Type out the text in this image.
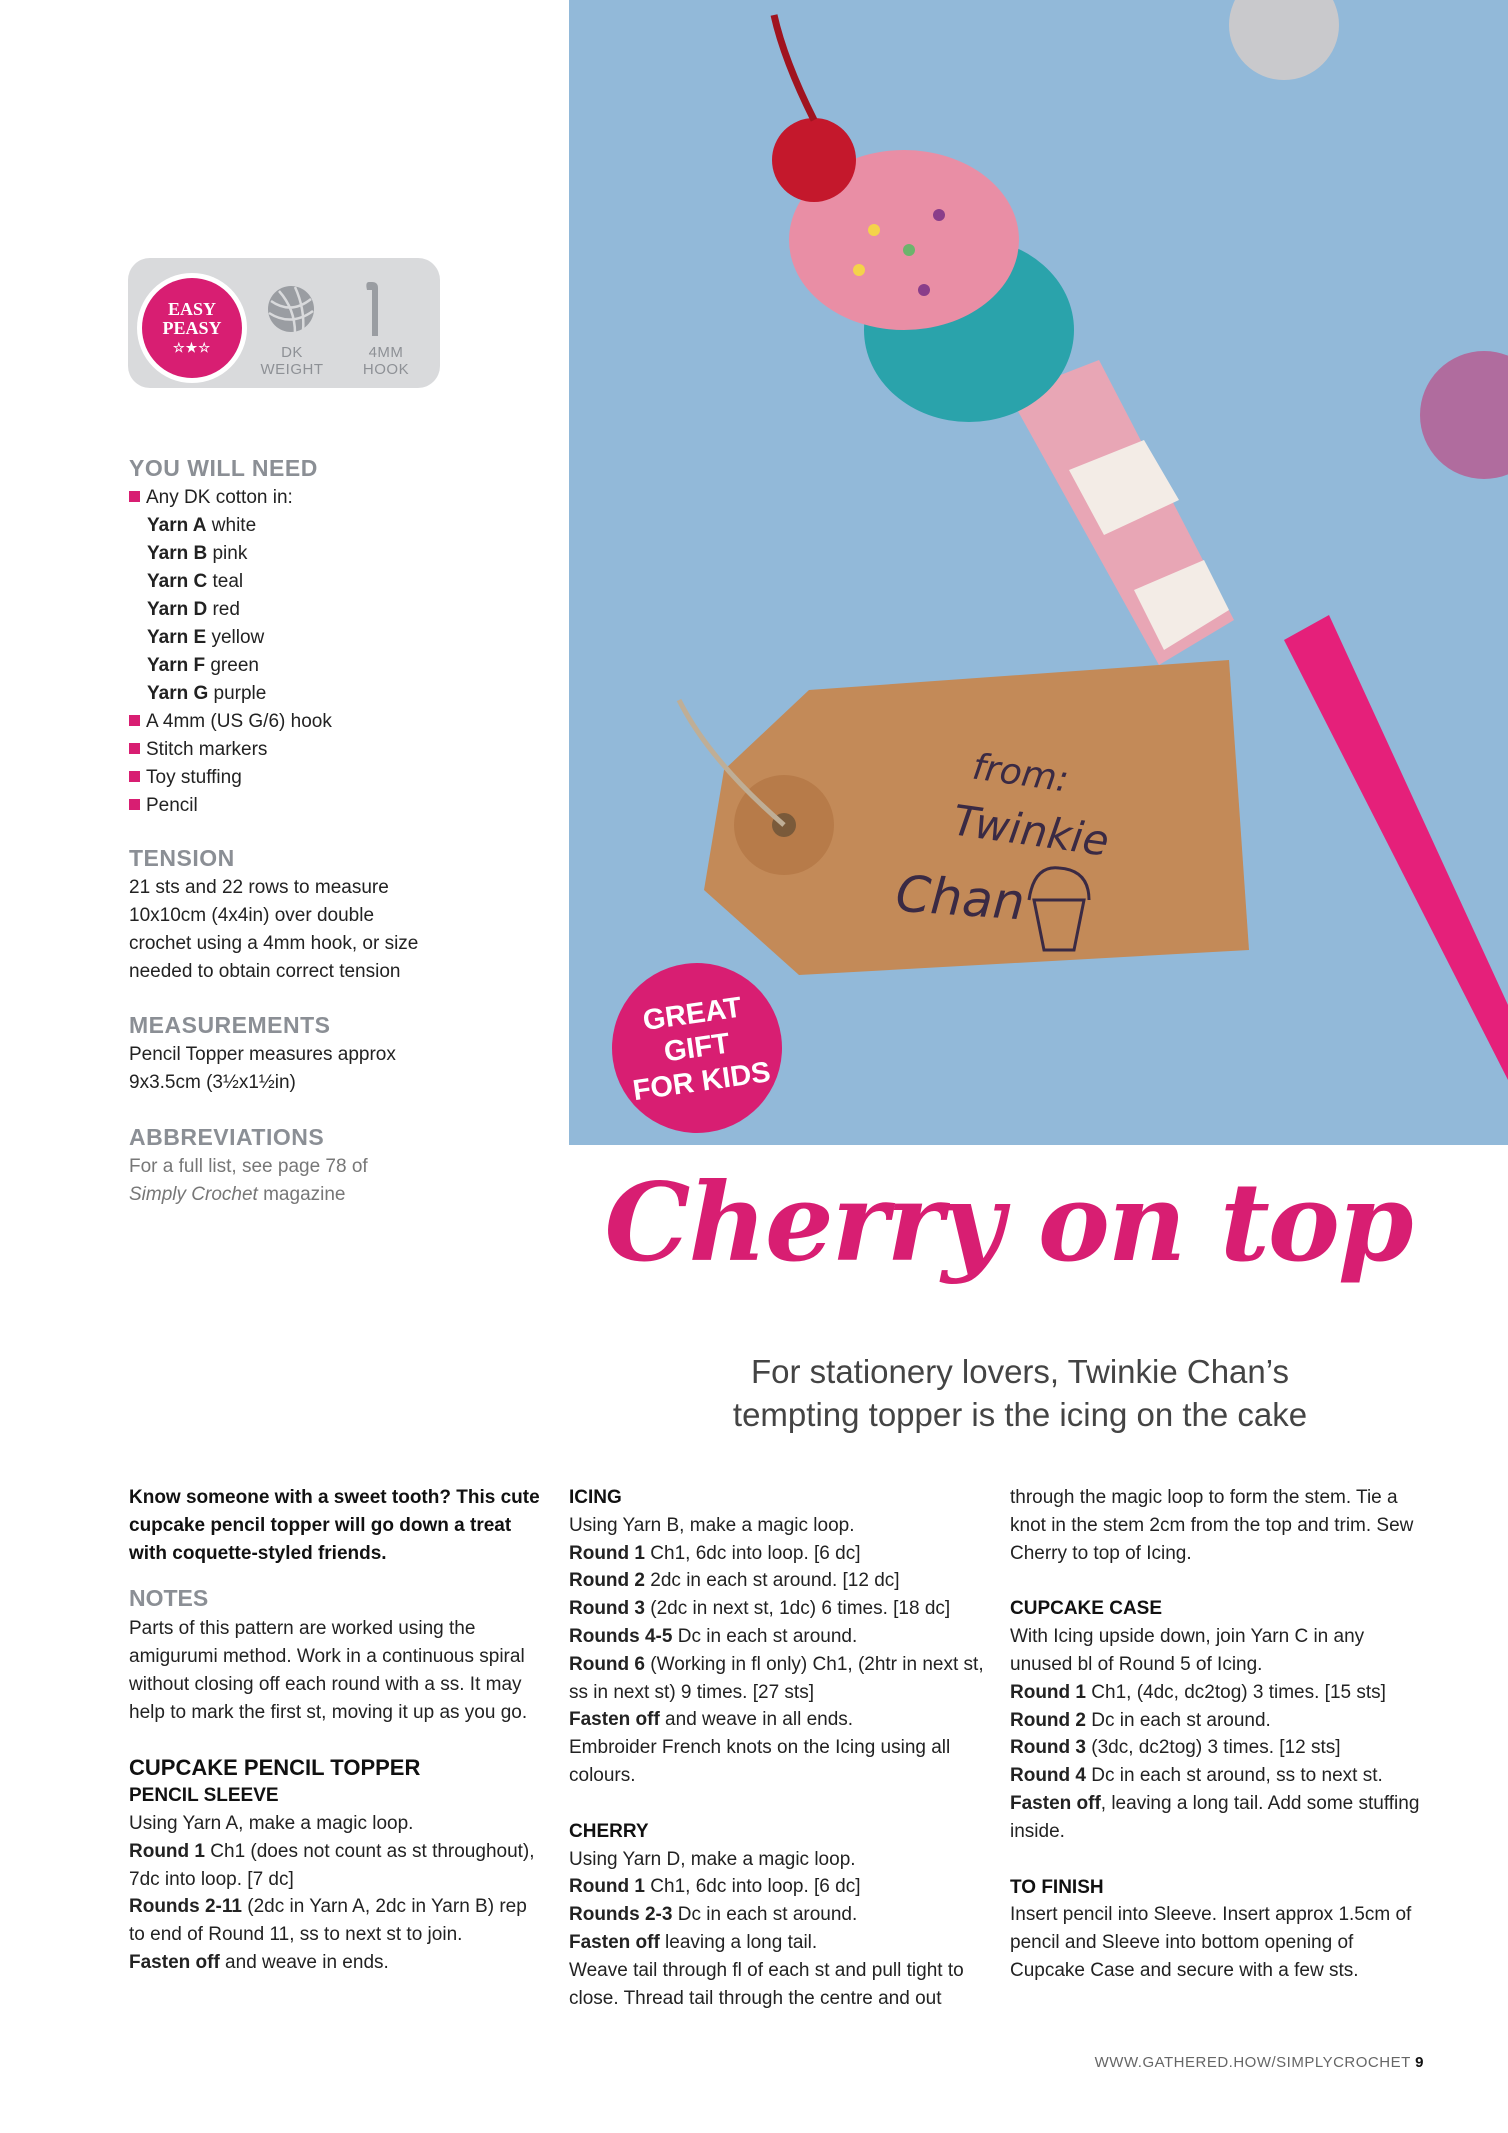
from:
Twinkie
Chan
GREAT GIFT
FOR KIDS
EASY
PEASY
☆★☆	DK
WEIGHT
4MM
HOOK
YOU WILL NEED
Any DK cotton in:
Yarn A white
Yarn B pink
Yarn C teal
Yarn D red
Yarn E yellow
Yarn F green
Yarn G purple
A 4mm (US G/6) hook
Stitch markers
Toy stuffing
Pencil
TENSION
21 sts and 22 rows to measure
10x10cm (4x4in) over double
crochet using a 4mm hook, or size
needed to obtain correct tension
MEASUREMENTS
Pencil Topper measures approx
9x3.5cm (3½x1½in)
ABBREVIATIONS
For a full list, see page 78 of
Simply Crochet magazine Cherry on top
For stationery lovers, Twinkie Chan’s
tempting topper is the icing on the cake

Know someone with a sweet tooth? This cute cupcake pencil topper will go down a treat with coquette-styled friends.

NOTES

Parts of this pattern are worked using the amigurumi method. Work in a continuous spiral without closing off each round with a ss. It may help to mark the first st, moving it up as you go.

CUPCAKE PENCIL TOPPER

PENCIL SLEEVE

Using Yarn A, make a magic loop.

Round 1 Ch1 (does not count as st throughout), 7dc into loop. [7 dc]

Rounds 2-11 (2dc in Yarn A, 2dc in Yarn B) rep to end of Round 11, ss to next st to join.

Fasten off and weave in ends.

ICING

Using Yarn B, make a magic loop.

Round 1 Ch1, 6dc into loop. [6 dc]

Round 2 2dc in each st around. [12 dc]

Round 3 (2dc in next st, 1dc) 6 times. [18 dc]

Rounds 4-5 Dc in each st around.

Round 6 (Working in fl only) Ch1, (2htr in next st, ss in next st) 9 times. [27 sts]

Fasten off and weave in all ends.

Embroider French knots on the Icing using all colours.

CHERRY

Using Yarn D, make a magic loop.

Round 1 Ch1, 6dc into loop. [6 dc]

Rounds 2-3 Dc in each st around.

Fasten off leaving a long tail.

Weave tail through fl of each st and pull tight to close. Thread tail through the centre and out

through the magic loop to form the stem. Tie a knot in the stem 2cm from the top and trim. Sew Cherry to top of Icing.

CUPCAKE CASE

With Icing upside down, join Yarn C in any unused bl of Round 5 of Icing.

Round 1 Ch1, (4dc, dc2tog) 3 times. [15 sts]

Round 2 Dc in each st around.

Round 3 (3dc, dc2tog) 3 times. [12 sts]

Round 4 Dc in each st around, ss to next st.

Fasten off, leaving a long tail. Add some stuffing inside.

TO FINISH

Insert pencil into Sleeve. Insert approx 1.5cm of pencil and Sleeve into bottom opening of Cupcake Case and secure with a few sts.

WWW.GATHERED.HOW/SIMPLYCROCHET 9
